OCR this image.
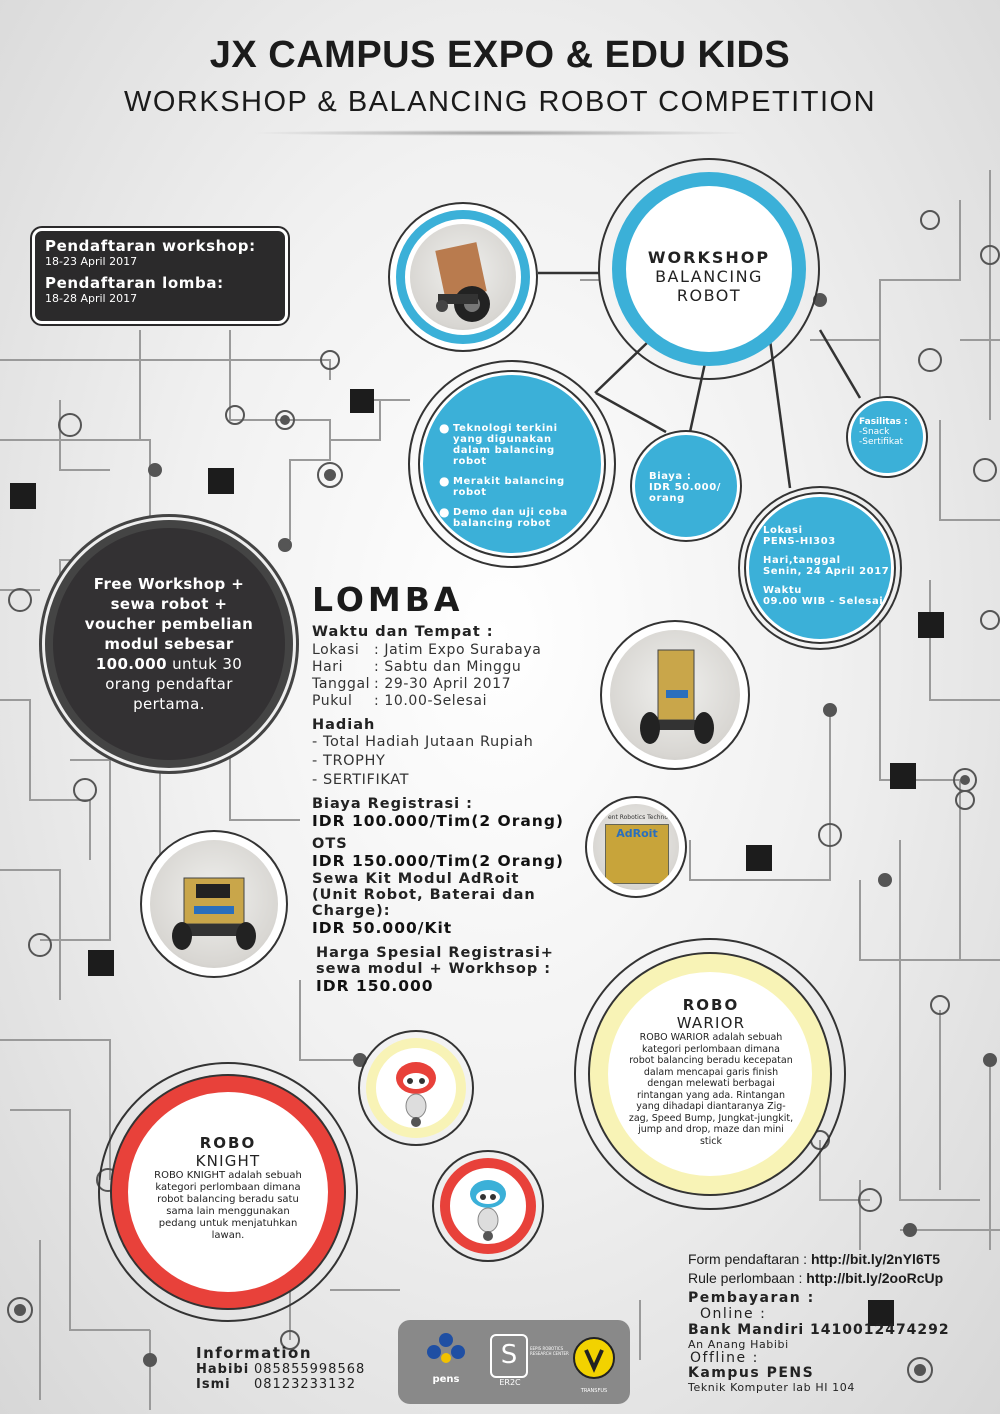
JX CAMPUS EXPO & EDU KIDS
WORKSHOP & BALANCING ROBOT COMPETITION
Pendaftaran workshop:
18-23 April 2017
Pendaftaran lomba:
18-28 April 2017
Free Workshop +
sewa robot +
voucher pembelian
modul sebesar
100.000 untuk 30
orang pendaftar
pertama.
WORKSHOP
BALANCING
ROBOT
● Teknologi terkini yang digunakan dalam balancing robot
● Merakit balancing robot
● Demo dan uji coba balancing robot
Biaya :
IDR 50.000/
orang
Fasilitas :
-Snack
-Sertifikat
Lokasi
PENS-HI303
Hari,tanggal
Senin, 24 April 2017
Waktu
09.00 WIB - Selesai
LOMBA
Waktu dan Tempat :
Lokasi	: Jatim Expo Surabaya
Hari	: Sabtu dan Minggu
Tanggal : 29-30 April 2017
Pukul	: 10.00-Selesai
Hadiah
- Total Hadiah Jutaan Rupiah
- TROPHY
- SERTIFIKAT
Biaya Registrasi :
IDR 100.000/Tim(2 Orang)
OTS
IDR 150.000/Tim(2 Orang)
Sewa Kit Modul AdRoit
(Unit Robot, Baterai dan Charge):
IDR 50.000/Kit
Harga Spesial Registrasi+
sewa modul + Workhsop :
IDR 150.000
ent Robotics Techno
AdRoit
ROBO
WARIOR
ROBO WARIOR adalah sebuah kategori perlombaan dimana robot balancing beradu kecepatan dalam mencapai garis finish dengan melewati berbagai rintangan yang ada. Rintangan yang dihadapi diantaranya Zig-zag, Speed Bump, Jungkat-jungkit, jump and drop, maze dan mini stick
ROBO
KNIGHT
ROBO KNIGHT adalah sebuah kategori perlombaan dimana robot balancing beradu satu sama lain menggunakan pedang untuk menjatuhkan lawan.
Form pendaftaran : http://bit.ly/2nYl6T5
Rule perlombaan : http://bit.ly/2ooRcUp
Pembayaran :
Online :
Bank Mandiri 1410012474292
An Anang Habibi
Offline :
Kampus PENS
Teknik Komputer lab HI 104
Information
Habibi 085855998568
Ismi	08123233132	pens
S
ER2C
EEPIS ROBOTICS RESEARCH CENTER
TRANSFUS
